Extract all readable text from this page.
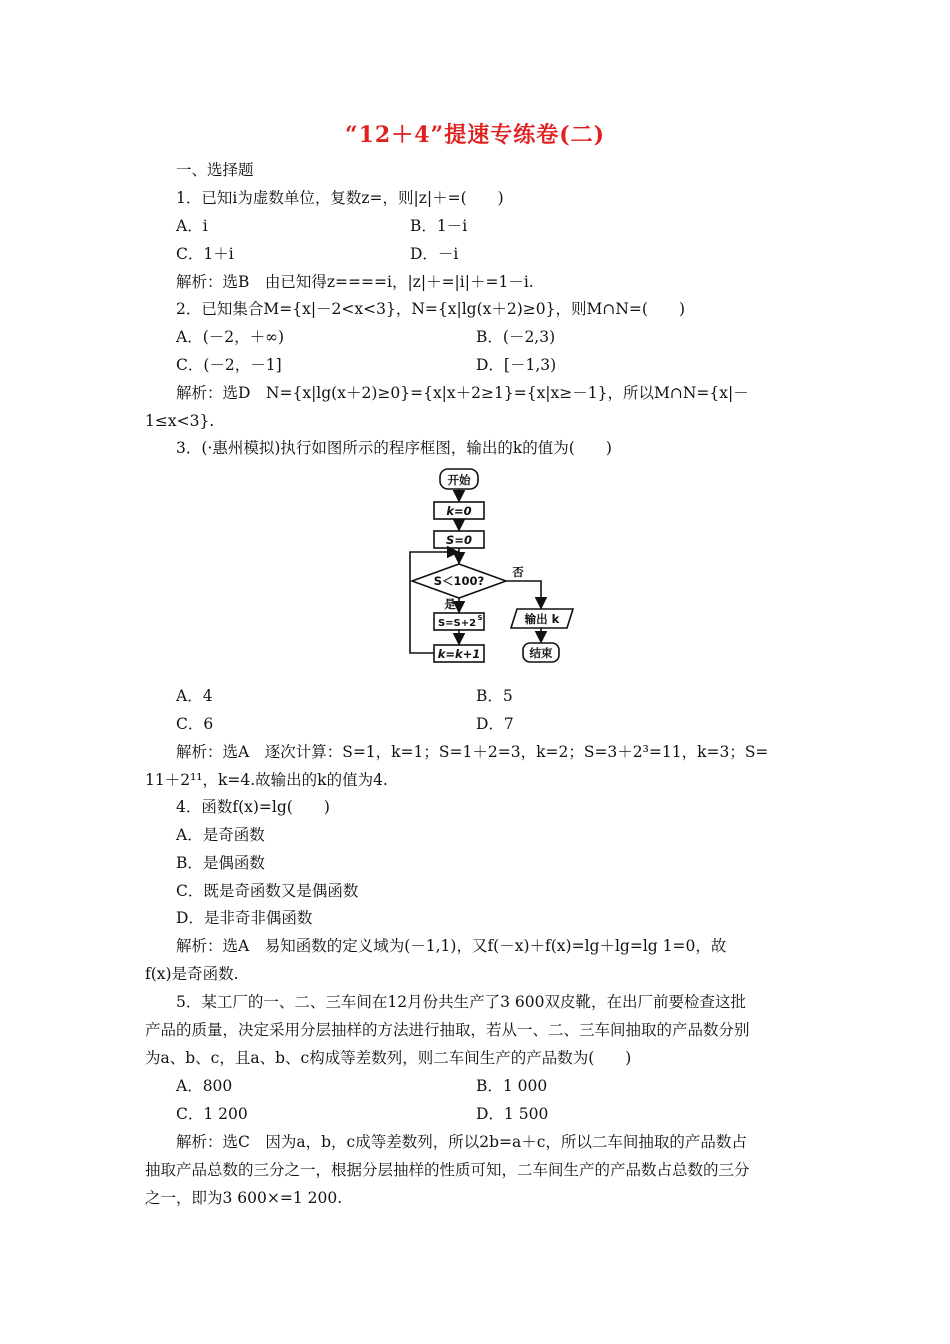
“12＋4”提速专练卷(二)
一、选择题
1．已知i为虚数单位，复数z=，则|z|＋=(　　)
A．i	B．1－i
C．1＋i	D．－i
解析：选B　由已知得z====i，|z|＋=|i|＋=1－i.
2．已知集合M={x|－2<x<3}，N={x|lg(x＋2)≥0}，则M∩N=(　　)
A．(－2，＋∞)	B．(－2,3)
C．(－2，－1]	D．[－1,3)
解析：选D　N={x|lg(x＋2)≥0}={x|x＋2≥1}={x|x≥－1}，所以M∩N={x|－
1≤x<3}.
3．(·惠州模拟)执行如图所示的程序框图，输出的k的值为(　　)
开始
k=0
S=0
S＜100?
否
是
S=S+2 S
k=k+1
输出 k
结束
A．4	B．5
C．6	D．7
解析：选A　逐次计算：S=1，k=1；S=1＋2=3，k=2；S=3＋2³=11，k=3；S=
11＋2¹¹，k=4.故输出的k的值为4.
4．函数f(x)=lg(　　)
A．是奇函数
B．是偶函数
C．既是奇函数又是偶函数
D．是非奇非偶函数
解析：选A　易知函数的定义域为(－1,1)，又f(－x)＋f(x)=lg＋lg=lg 1=0，故
f(x)是奇函数.
5．某工厂的一、二、三车间在12月份共生产了3 600双皮靴，在出厂前要检查这批
产品的质量，决定采用分层抽样的方法进行抽取，若从一、二、三车间抽取的产品数分别
为a、b、c，且a、b、c构成等差数列，则二车间生产的产品数为(　　)
A．800	B．1 000
C．1 200	D．1 500
解析：选C　因为a，b，c成等差数列，所以2b=a＋c，所以二车间抽取的产品数占
抽取产品总数的三分之一，根据分层抽样的性质可知，二车间生产的产品数占总数的三分
之一，即为3 600×=1 200.
